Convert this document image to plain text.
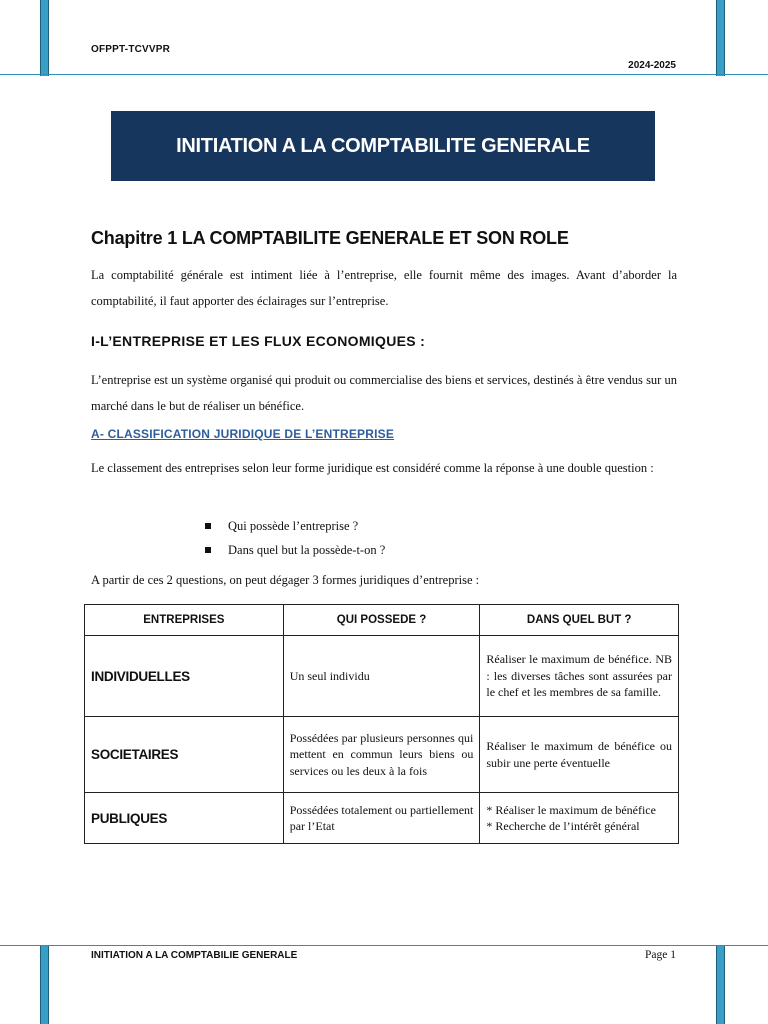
OFPPT-TCVVPR
2024-2025
INITIATION A LA COMPTABILITE GENERALE
Chapitre 1 LA COMPTABILITE GENERALE ET SON ROLE

La comptabilité générale est intiment liée à l’entreprise, elle fournit même des images. Avant d’aborder la comptabilité, il faut apporter des éclairages sur l’entreprise.

I-L’ENTREPRISE ET LES FLUX ECONOMIQUES :

L’entreprise est un système organisé qui produit ou commercialise des biens et services, destinés à être vendus sur un marché dans le but de réaliser un bénéfice.

A- CLASSIFICATION JURIDIQUE DE L’ENTREPRISE

Le classement des entreprises selon leur forme juridique est considéré comme la réponse à une double question :

Qui possède l’entreprise ?
Dans quel but la possède-t-on ?

A partir de ces 2 questions, on peut dégager 3 formes juridiques d’entreprise :

ENTREPRISES	QUI POSSEDE ?	DANS QUEL BUT ?
INDIVIDUELLES	Un seul individu	Réaliser le maximum de bénéfice. NB : les diverses tâches sont assurées par le chef et les membres de sa famille.
SOCIETAIRES	Possédées par plusieurs personnes qui mettent en commun leurs biens ou services ou les deux à la fois	Réaliser le maximum de bénéfice ou subir une perte éventuelle
PUBLIQUES	Possédées totalement ou partiellement par l’Etat	* Réaliser le maximum de bénéfice
* Recherche de l’intérêt général
INITIATION A LA COMPTABILIE GENERALE	Page 1
